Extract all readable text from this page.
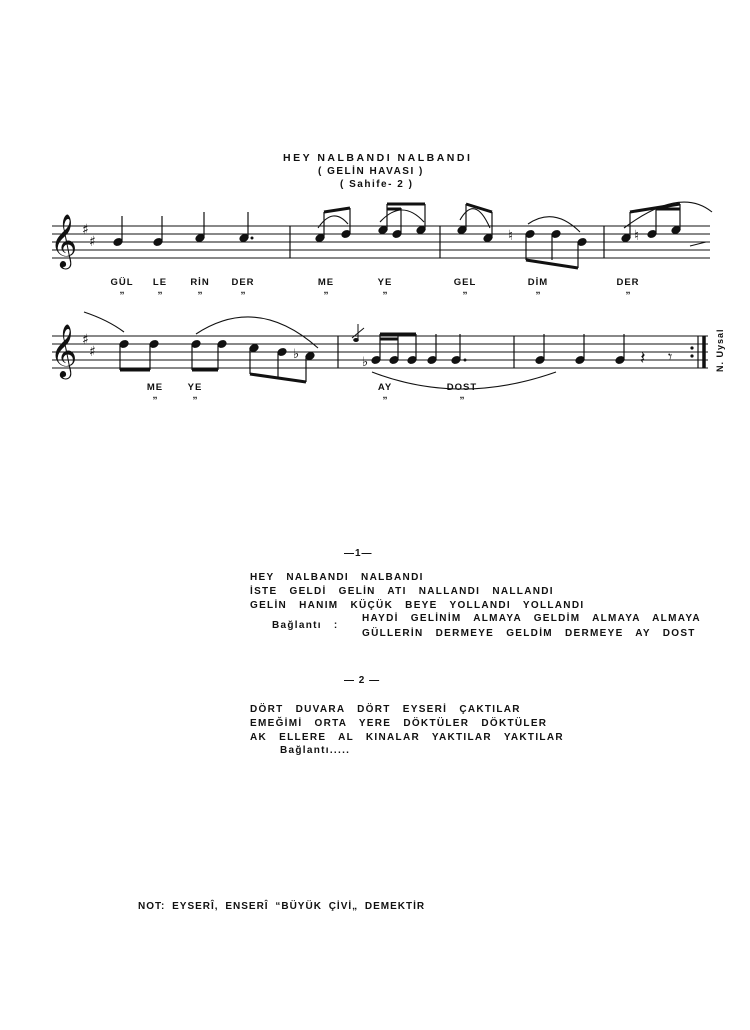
HEY NALBANDI NALBANDI
( GELİN HAVASI )
( Sahife- 2 )
𝄞 ♯
♯	♮	♮
𝄞 ♯
♯	♭
♭	𝄽 𝄾
GÜL
„
LE
„
RİN
„
DER
„
ME
„
YE
„
GEL
„
DİM
„
DER
„
ME
„
YE
„
AY
„
DOST
„
N. Uysal
—1—
HEY NALBANDI NALBANDI
İSTE GELDİ GELİN ATI NALLANDI NALLANDI
GELİN HANIM KÜÇÜK BEYE YOLLANDI YOLLANDI
Bağlantı :
HAYDİ GELİNİM ALMAYA GELDİM ALMAYA ALMAYA
GÜLLERİN DERMEYE GELDİM DERMEYE AY DOST
— 2 —
DÖRT DUVARA DÖRT EYSERİ ÇAKTILAR
EMEĞİMİ ORTA YERE DÖKTÜLER DÖKTÜLER
AK ELLERE AL KINALAR YAKTILAR YAKTILAR
Bağlantı.....
NOT: EYSERÎ, ENSERÎ “BÜYÜK ÇİVİ„ DEMEKTİR
